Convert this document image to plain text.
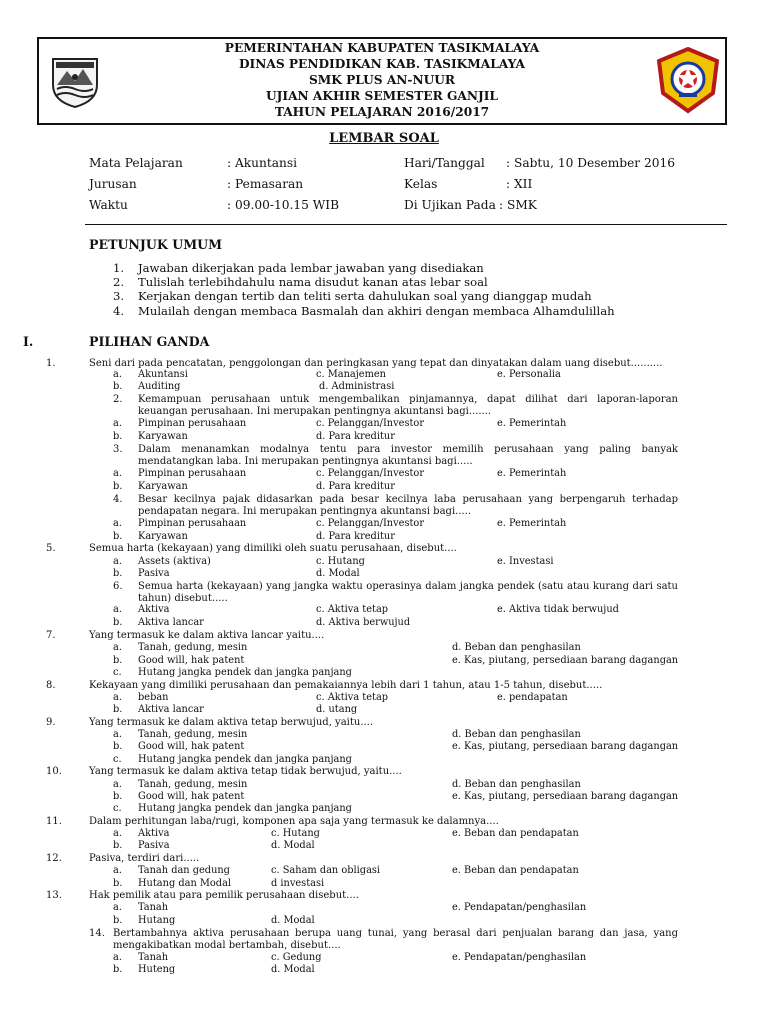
PEMERINTAHAN KABUPATEN TASIKMALAYA
DINAS PENDIDIKAN KAB. TASIKMALAYA
SMK PLUS AN-NUUR
UJIAN AKHIR SEMESTER GANJIL
TAHUN PELAJARAN 2016/2017
LEMBAR SOAL
Mata Pelajaran	: Akuntansi	Hari/Tanggal : Sabtu, 10 Desember 2016
Jurusan	: Pemasaran	Kelas	: XII
Waktu	: 09.00-10.15 WIB	Di Ujikan Pada : SMK
PETUNJUK UMUM
1. Jawaban dikerjakan pada lembar jawaban yang disediakan
2. Tulislah terlebihdahulu nama disudut kanan atas lebar soal
3. Kerjakan dengan tertib dan teliti serta dahulukan soal yang dianggap mudah
4. Mulailah dengan membaca Basmalah dan akhiri dengan membaca Alhamdulillah
I.	PILIHAN GANDA
1.	Seni dari pada pencatatan, penggolongan dan peringkasan yang tepat dan dinyatakan dalam uang disebut..........
a. Akuntansi	c. Manajemen	e. Personalia
b. Auditing	d. Administrasi
2. Kemampuan perusahaan untuk mengembalikan pinjamannya, dapat dilihat dari laporan-laporan keuangan perusahaan. Ini merupakan pentingnya akuntansi bagi.......
a. Pimpinan perusahaan	c. Pelanggan/Investor	e. Pemerintah
b. Karyawan	d. Para kreditur
3. Dalam menanamkan modalnya tentu para investor memilih perusahaan yang paling banyak mendatangkan laba. Ini merupakan pentingnya akuntansi bagi.....
a. Pimpinan perusahaan	c. Pelanggan/Investor	e. Pemerintah
b. Karyawan	d. Para kreditur
4. Besar kecilnya pajak didasarkan pada besar kecilnya laba perusahaan yang berpengaruh terhadap pendapatan negara. Ini merupakan pentingnya akuntansi bagi.....
a. Pimpinan perusahaan	c. Pelanggan/Investor	e. Pemerintah
b. Karyawan	d. Para kreditur
5.	Semua harta (kekayaan) yang dimiliki oleh suatu perusahaan, disebut....
a. Assets (aktiva)	c. Hutang	e. Investasi
b. Pasiva	d. Modal
6. Semua harta (kekayaan) yang jangka waktu operasinya dalam jangka pendek (satu atau kurang dari satu tahun) disebut.....
a. Aktiva	c. Aktiva tetap	e. Aktiva tidak berwujud
b. Aktiva lancar	d. Aktiva berwujud
7.	Yang termasuk ke dalam aktiva lancar yaitu....
a. Tanah, gedung, mesin	d. Beban dan penghasilan
b. Good will, hak patent	e. Kas, piutang, persediaan barang dagangan
c. Hutang jangka pendek dan jangka panjang
8.	Kekayaan yang dimiliki perusahaan dan pemakaiannya lebih dari 1 tahun, atau 1-5 tahun, disebut.....
a. beban	c. Aktiva tetap	e. pendapatan
b. Aktiva lancar	d. utang
9.	Yang termasuk ke dalam aktiva tetap berwujud, yaitu....
a. Tanah, gedung, mesin	d. Beban dan penghasilan
b. Good will, hak patent	e. Kas, piutang, persediaan barang dagangan
c. Hutang jangka pendek dan jangka panjang
10.	Yang termasuk ke dalam aktiva tetap tidak berwujud, yaitu....
a. Tanah, gedung, mesin	d. Beban dan penghasilan
b. Good will, hak patent	e. Kas, piutang, persediaan barang dagangan
c. Hutang jangka pendek dan jangka panjang
11.	Dalam perhitungan laba/rugi, komponen apa saja yang termasuk ke dalamnya....
a. Aktiva	c. Hutang	e. Beban dan pendapatan
b. Pasiva	d. Modal
12.	Pasiva, terdiri dari.....
a. Tanah dan gedung	c. Saham dan obligasi	e. Beban dan pendapatan
b. Hutang dan Modal	d investasi
13.	Hak pemilik atau para pemilik perusahaan disebut....
a. Tanah	e. Pendapatan/penghasilan
b. Hutang	d. Modal
14. Bertambahnya aktiva perusahaan berupa uang tunai, yang berasal dari penjualan barang dan jasa, yang mengakibatkan modal bertambah, disebut....
a. Tanah	c. Gedung	e. Pendapatan/penghasilan
b. Huteng	d. Modal
